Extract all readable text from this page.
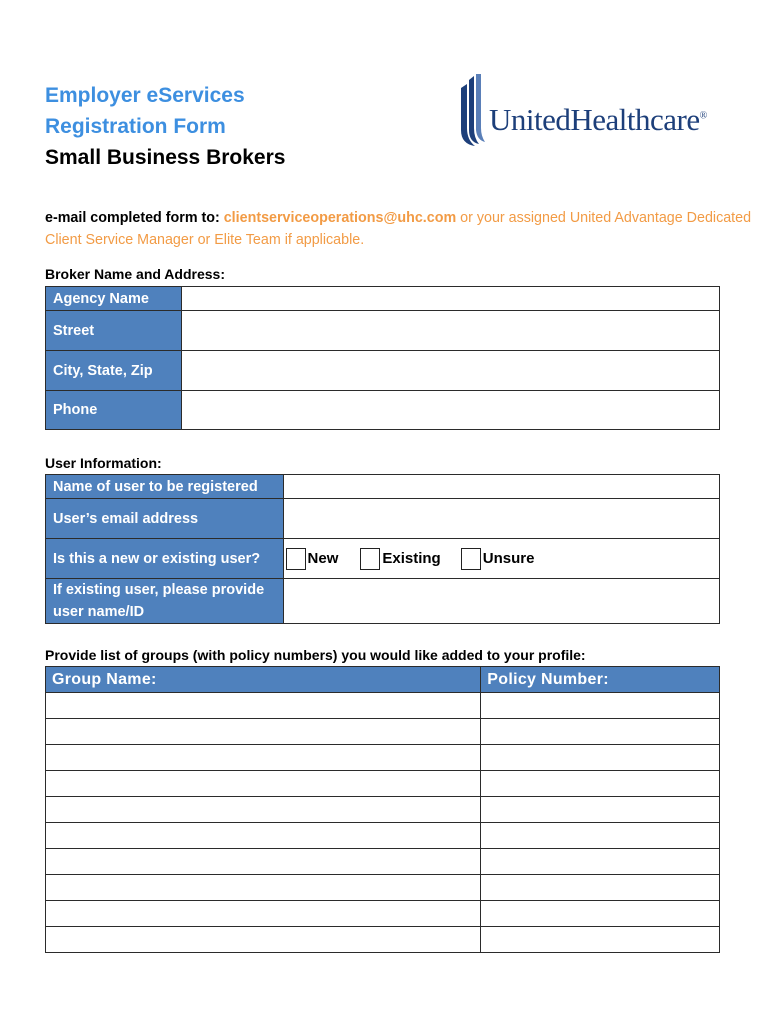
Employer eServices
Registration Form
Small Business Brokers
UnitedHealthcare®
e-mail completed form to: clientserviceoperations@uhc.com or your assigned United Advantage Dedicated Client Service Manager or Elite Team if applicable.
Broker Name and Address:
Agency Name	
Street	
City, State, Zip	
Phone	
User Information:
Name of user to be registered	
User’s email address	
Is this a new or existing user?	New Existing Unsure

If existing user, please provide user name/ID	
Provide list of groups (with policy numbers) you would like added to your profile:
Group Name:	Policy Number:
